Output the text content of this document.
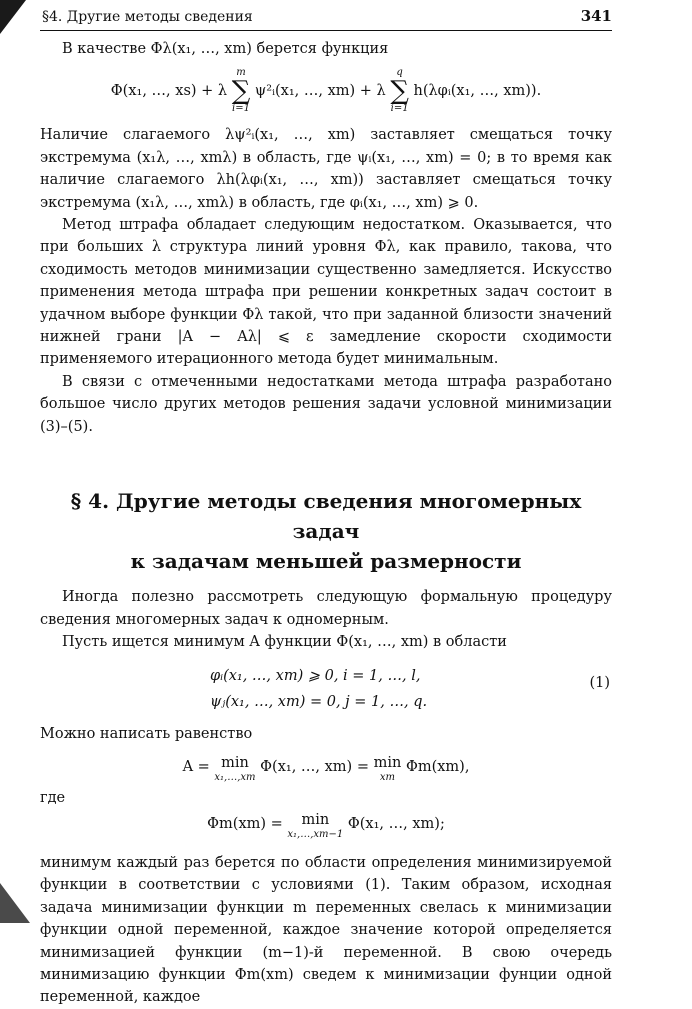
§4. Другие методы сведения	341

В качестве Φλ(x₁, …, xm) берется функция

Φ(x₁, …, xs) + λ
m
∑
i=1
ψ²ᵢ(x₁, …, xm) + λ
q
∑
i=1
h(λφᵢ(x₁, …, xm)).

Наличие слагаемого λψ²ᵢ(x₁, …, xm) заставляет смещаться точку экстремума (x₁λ, …, xmλ) в область, где ψᵢ(x₁, …, xm) = 0; в то время как наличие слагаемого λh(λφᵢ(x₁, …, xm)) заставляет смещаться точку экстремума (x₁λ, …, xmλ) в область, где φᵢ(x₁, …, xm) ⩾ 0.

Метод штрафа обладает следующим недостатком. Оказывается, что при больших λ структура линий уровня Φλ, как правило, такова, что сходимость методов минимизации существенно замедляется. Искусство применения метода штрафа при решении конкретных задач состоит в удачном выборе функции Φλ такой, что при заданной близости значений нижней грани |A − Aλ| ⩽ ε замедление скорости сходимости применяемого итерационного метода будет минимальным.

В связи с отмеченными недостатками метода штрафа разработано большое число других методов решения задачи условной минимизации (3)–(5).

§ 4. Другие методы сведения многомерных задач
к задачам меньшей размерности

Иногда полезно рассмотреть следующую формальную процедуру сведения многомерных задач к одномерным.

Пусть ищется минимум A функции Φ(x₁, …, xm) в области

φᵢ(x₁, …, xm) ⩾ 0, i = 1, …, l,
ψⱼ(x₁, …, xm) = 0, j = 1, …, q.
(1)

Можно написать равенство

A = min
x₁,…,xm
Φ(x₁, …, xm) = min
xm
Φm(xm),

где

Φm(xm) = min
x₁,…,xm−1
Φ(x₁, …, xm);

минимум каждый раз берется по области определения минимизируемой функции в соответствии с условиями (1). Таким образом, исходная задача минимизации функции m переменных свелась к минимизации функции одной переменной, каждое значение которой определяется минимизацией функции (m−1)-й переменной. В свою очередь минимизацию функции Φm(xm) сведем к минимизации фунции одной переменной, каждое
